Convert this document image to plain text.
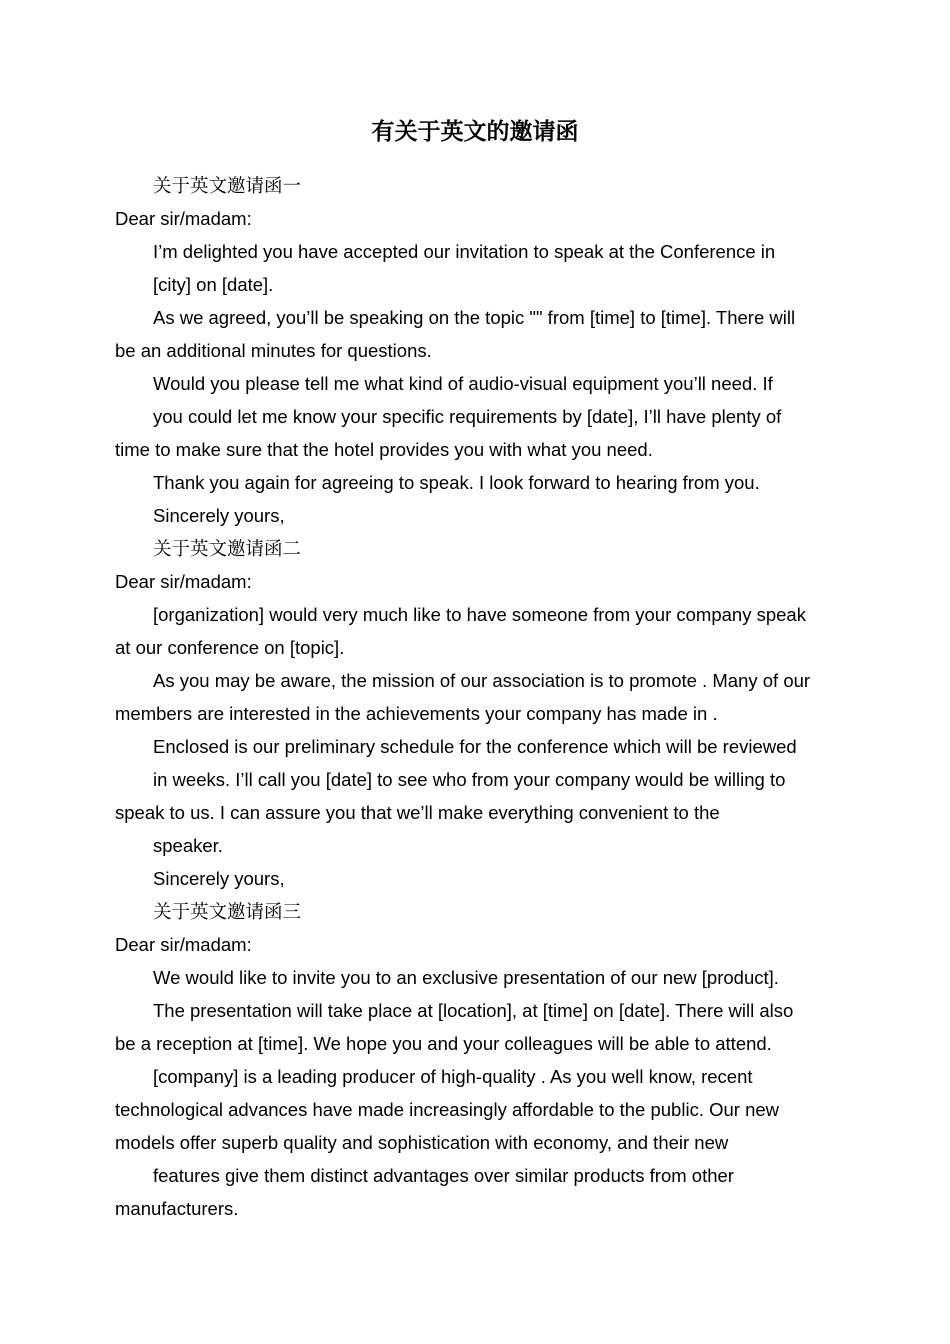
有关于英文的邀请函
关于英文邀请函一
Dear sir/madam:
I’m delighted you have accepted our invitation to speak at the Conference in
[city] on [date].
As we agreed, you’ll be speaking on the topic "" from [time] to [time]. There will
be an additional minutes for questions.
Would you please tell me what kind of audio-visual equipment you’ll need. If
you could let me know your specific requirements by [date], I’ll have plenty of
time to make sure that the hotel provides you with what you need.
Thank you again for agreeing to speak. I look forward to hearing from you.
Sincerely yours,
关于英文邀请函二
Dear sir/madam:
[organization] would very much like to have someone from your company speak
at our conference on [topic].
As you may be aware, the mission of our association is to promote . Many of our
members are interested in the achievements your company has made in .
Enclosed is our preliminary schedule for the conference which will be reviewed
in weeks. I’ll call you [date] to see who from your company would be willing to
speak to us. I can assure you that we’ll make everything convenient to the
speaker.
Sincerely yours,
关于英文邀请函三
Dear sir/madam:
We would like to invite you to an exclusive presentation of our new [product].
The presentation will take place at [location], at [time] on [date]. There will also
be a reception at [time]. We hope you and your colleagues will be able to attend.
[company] is a leading producer of high-quality . As you well know, recent
technological advances have made increasingly affordable to the public. Our new
models offer superb quality and sophistication with economy, and their new
features give them distinct advantages over similar products from other
manufacturers.
